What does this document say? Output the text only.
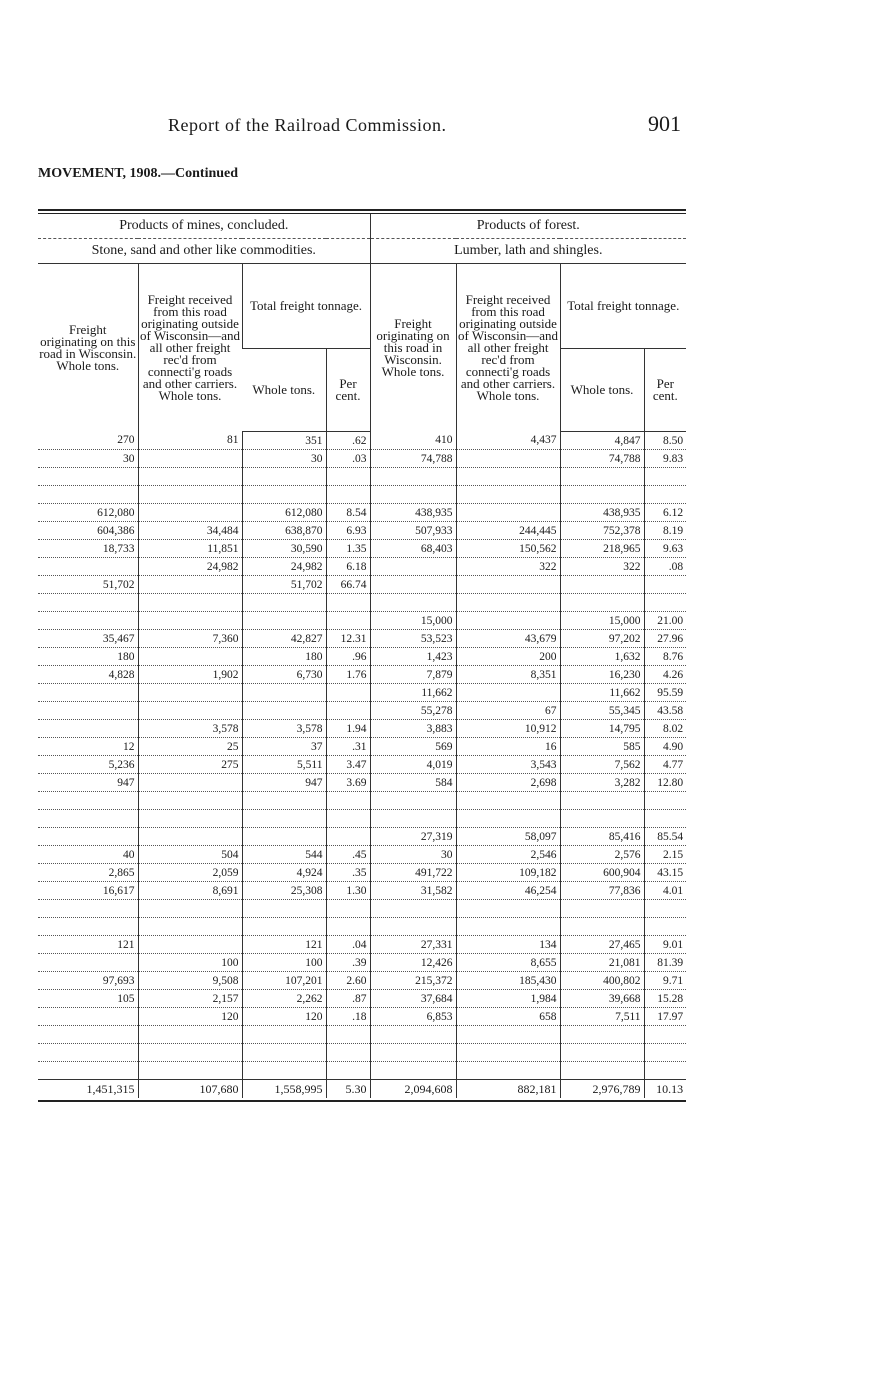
Report of the Railroad Commission.	901
MOVEMENT, 1908.—Continued
Products of mines, concluded.				Products of forest.			
Stone, sand and other like commodities.				Lumber, lath and shingles.			
Freight originating on this road in Wisconsin. Whole tons.	Freight received from this road originating outside of Wisconsin—and all other freight rec'd from connecti'g roads and other carriers. Whole tons.	Total freight tonnage.		Freight originating on this road in Wisconsin. Whole tons.	Freight received from this road originating outside of Wisconsin—and all other freight rec'd from connecti'g roads and other carriers. Whole tons.	Total freight tonnage.	
		Whole tons.	Per cent.			Whole tons.	Per cent.
270	81	351	.62	410	4,437	4,847	8.50
30		30	.03	74,788		74,788	9.83

612,080		612,080	8.54	438,935		438,935	6.12
604,386	34,484	638,870	6.93	507,933	244,445	752,378	8.19
18,733	11,851	30,590	1.35	68,403	150,562	218,965	9.63
	24,982	24,982	6.18		322	322	.08
51,702		51,702	66.74				

				15,000		15,000	21.00
35,467	7,360	42,827	12.31	53,523	43,679	97,202	27.96
180		180	.96	1,423	200	1,632	8.76
4,828	1,902	6,730	1.76	7,879	8,351	16,230	4.26
				11,662		11,662	95.59
				55,278	67	55,345	43.58
	3,578	3,578	1.94	3,883	10,912	14,795	8.02
12	25	37	.31	569	16	585	4.90
5,236	275	5,511	3.47	4,019	3,543	7,562	4.77
947		947	3.69	584	2,698	3,282	12.80

				27,319	58,097	85,416	85.54
40	504	544	.45	30	2,546	2,576	2.15
2,865	2,059	4,924	.35	491,722	109,182	600,904	43.15
16,617	8,691	25,308	1.30	31,582	46,254	77,836	4.01

121		121	.04	27,331	134	27,465	9.01
	100	100	.39	12,426	8,655	21,081	81.39
97,693	9,508	107,201	2.60	215,372	185,430	400,802	9.71
105	2,157	2,262	.87	37,684	1,984	39,668	15.28
	120	120	.18	6,853	658	7,511	17.97

1,451,315	107,680	1,558,995	5.30	2,094,608	882,181	2,976,789	10.13
